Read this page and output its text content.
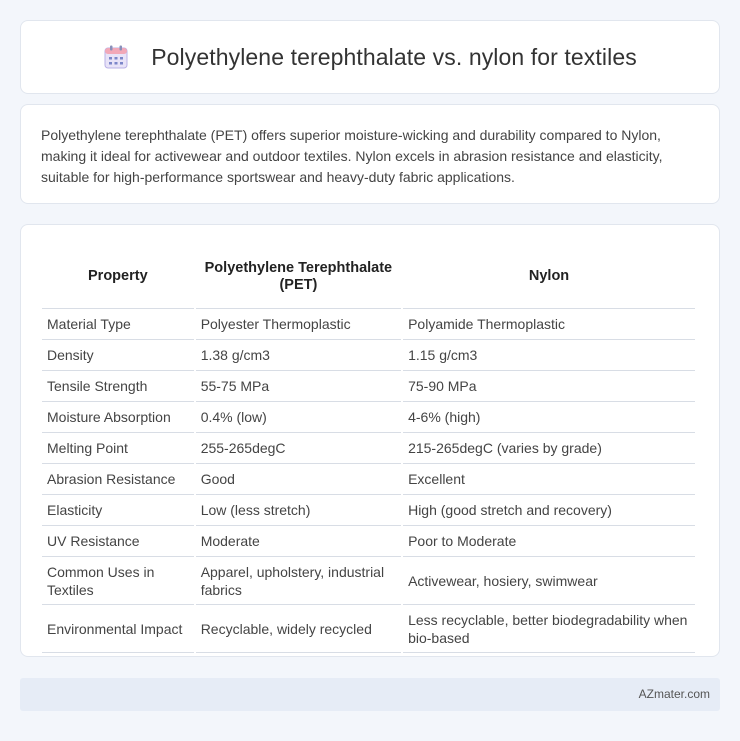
Polyethylene terephthalate vs. nylon for textiles

Polyethylene terephthalate (PET) offers superior moisture-wicking and durability compared to Nylon, making it ideal for activewear and outdoor textiles. Nylon excels in abrasion resistance and elasticity, suitable for high-performance sportswear and heavy-duty fabric applications.

Property	Polyethylene Terephthalate (PET)	Nylon
Material Type	Polyester Thermoplastic	Polyamide Thermoplastic
Density	1.38 g/cm3	1.15 g/cm3
Tensile Strength	55-75 MPa	75-90 MPa
Moisture Absorption	0.4% (low)	4-6% (high)
Melting Point	255-265degC	215-265degC (varies by grade)
Abrasion Resistance	Good	Excellent
Elasticity	Low (less stretch)	High (good stretch and recovery)
UV Resistance	Moderate	Poor to Moderate
Common Uses in Textiles	Apparel, upholstery, industrial fabrics	Activewear, hosiery, swimwear
Environmental Impact	Recyclable, widely recycled	Less recyclable, better biodegradability when bio-based
AZmater.com
